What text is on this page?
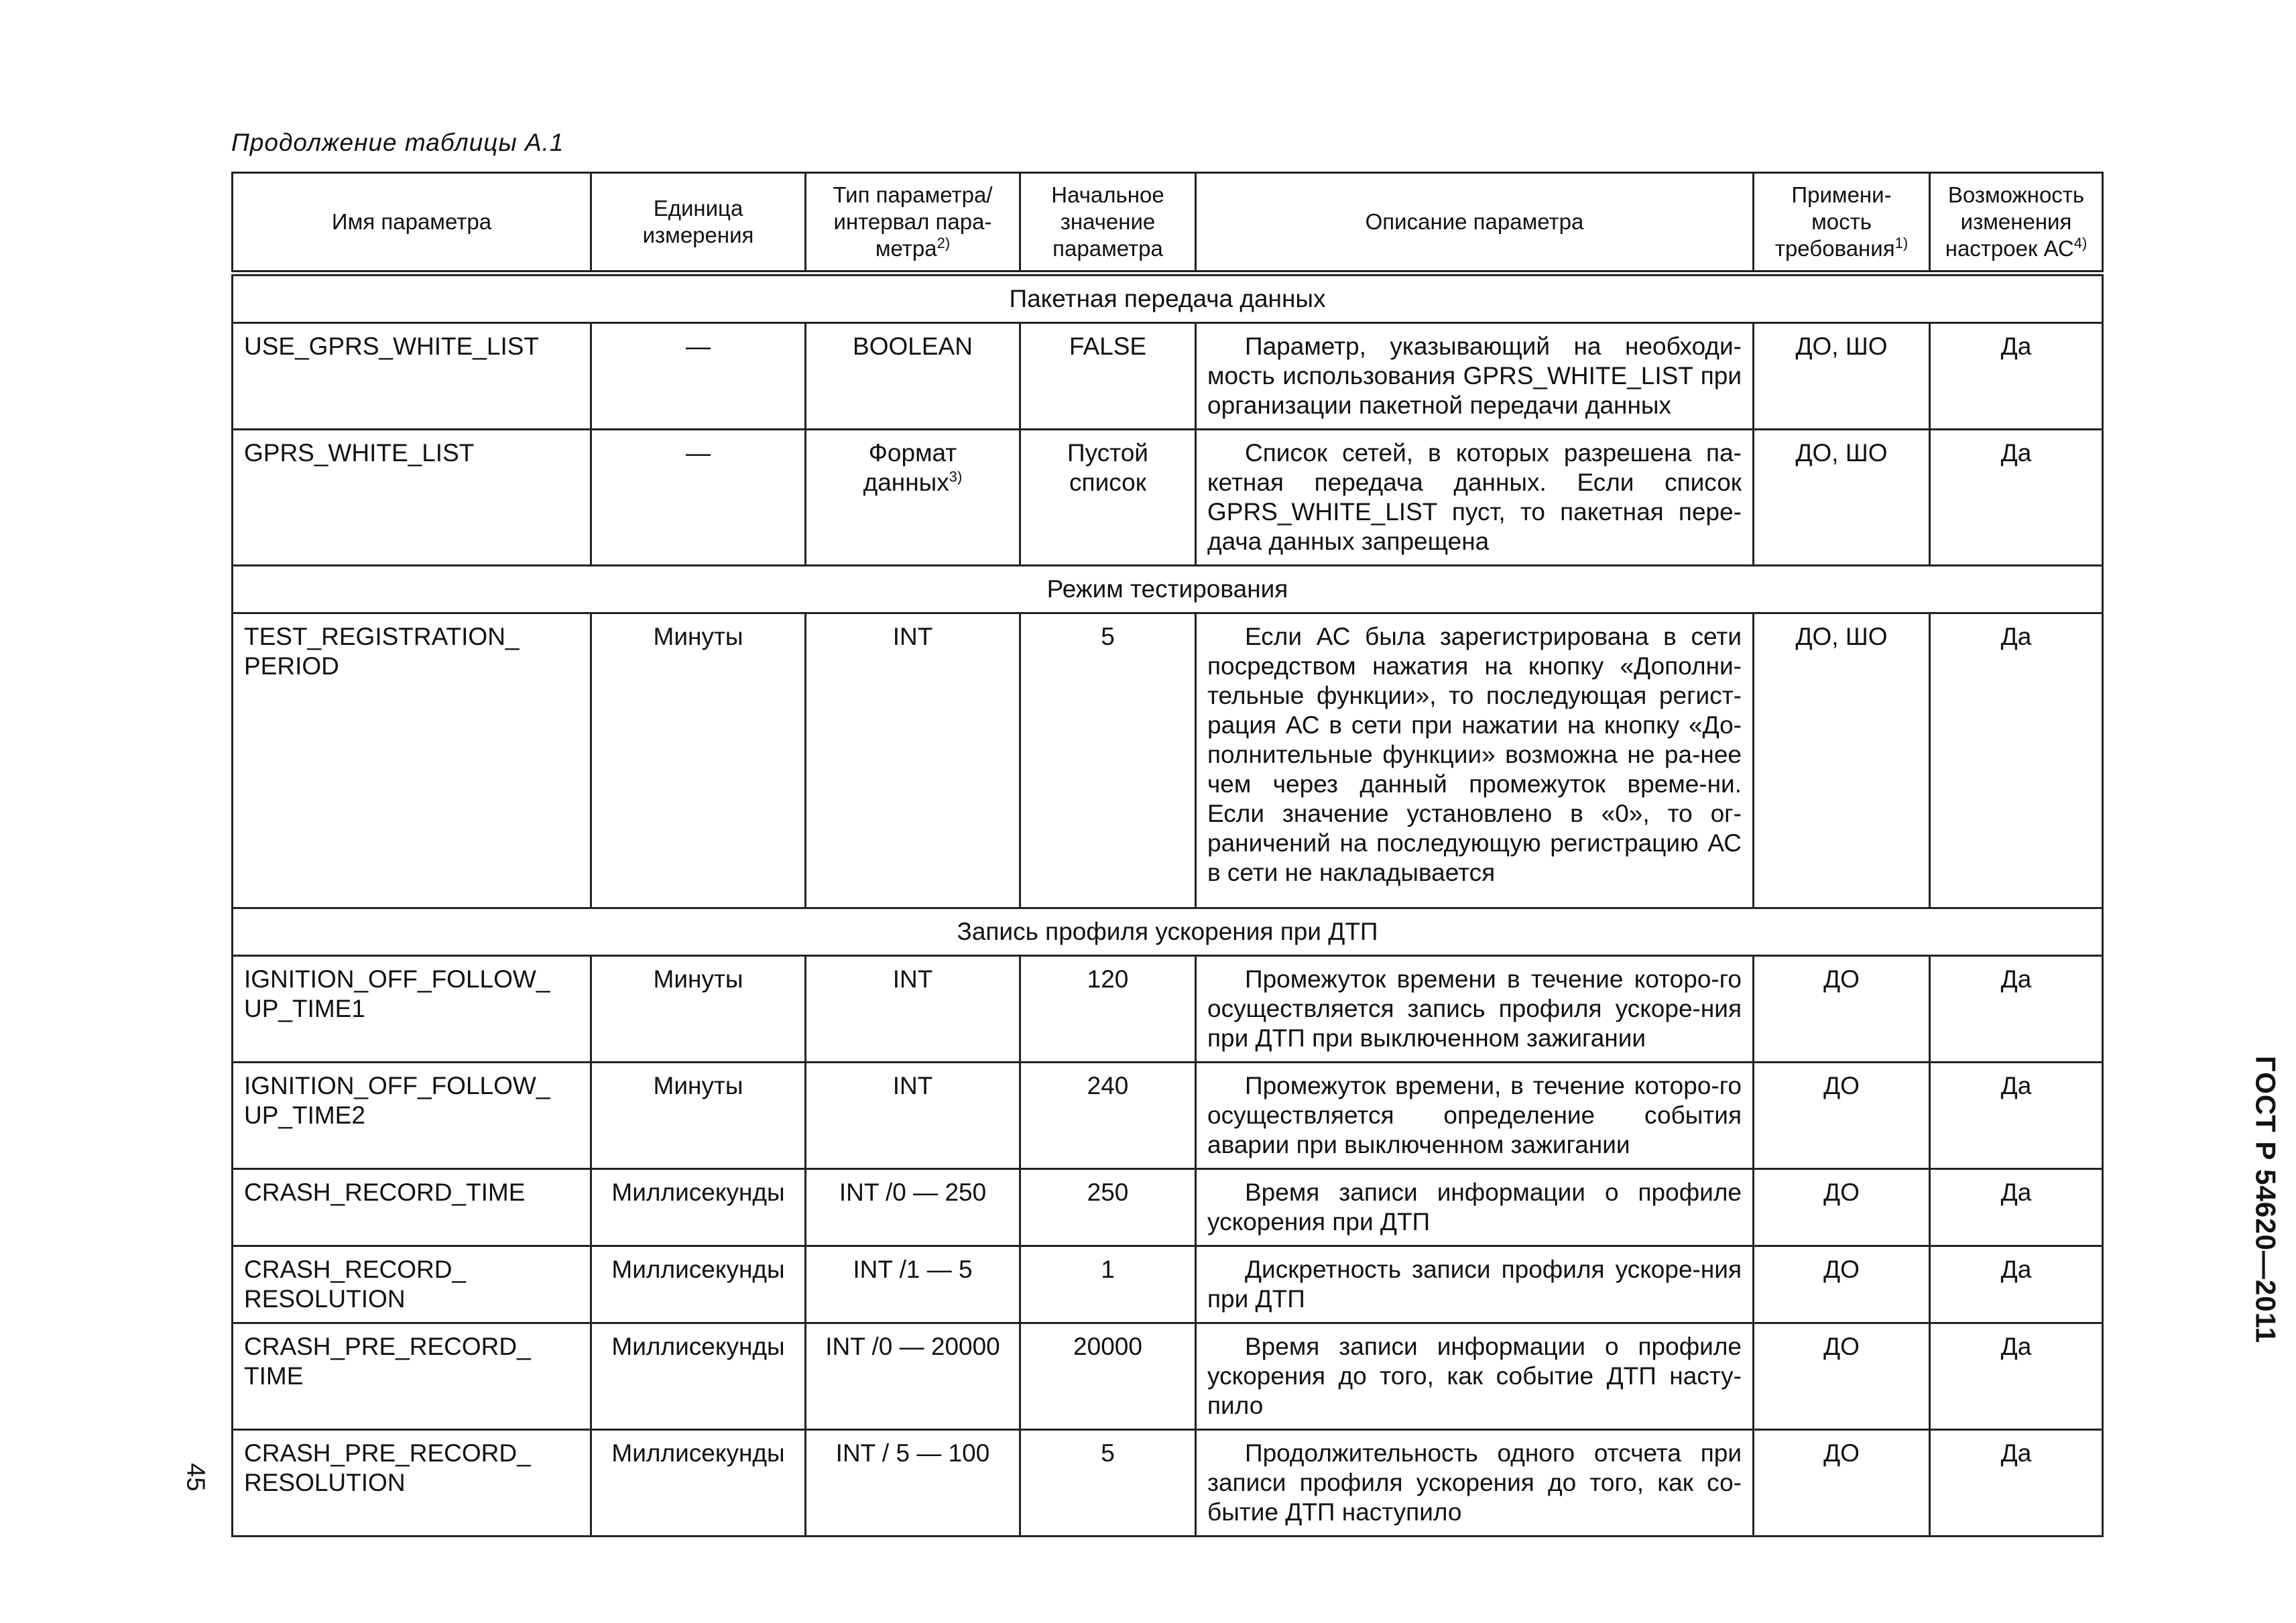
Продолжение таблицы А.1
Имя параметра	Единица измерения	Тип параметра/ интервал пара-метра$^{2)}$	Начальное значение параметра	Описание параметра	Примени-мость требования$^{1)}$	Возможность изменения настроек АС$^{4)}$
Пакетная передача данных						
USE_GPRS_WHITE_LIST	—	BOOLEAN	FALSE	Параметр, указывающий на необходи-мость использования GPRS_WHITE_LIST при организации пакетной передачи данных	ДО, ШО	Да
GPRS_WHITE_LIST	—	Формат данных$^{3)}$	Пустой список	Список сетей, в которых разрешена па-кетная передача данных. Если список GPRS_WHITE_LIST пуст, то пакетная пере-дача данных запрещена	ДО, ШО	Да
Режим тестирования						
TEST_REGISTRATION_ PERIOD	Минуты	INT	5	Если АС была зарегистрирована в сети посредством нажатия на кнопку «Дополни-тельные функции», то последующая регист-рация АС в сети при нажатии на кнопку «До-полнительные функции» возможна не ра-нее чем через данный промежуток време-ни. Если значение установлено в «0», то ог-раничений на последующую регистрацию АС в сети не накладывается	ДО, ШО	Да
Запись профиля ускорения при ДТП						
IGNITION_OFF_FOLLOW_ UP_TIME1	Минуты	INT	120	Промежуток времени в течение которо-го осуществляется запись профиля ускоре-ния при ДТП при выключенном зажигании	ДО	Да
IGNITION_OFF_FOLLOW_ UP_TIME2	Минуты	INT	240	Промежуток времени, в течение которо-го осуществляется определение события аварии при выключенном зажигании	ДО	Да
CRASH_RECORD_TIME	Миллисекунды	INT /0 — 250	250	Время записи информации о профиле ускорения при ДТП	ДО	Да
CRASH_RECORD_ RESOLUTION	Миллисекунды	INT /1 — 5	1	Дискретность записи профиля ускоре-ния при ДТП	ДО	Да
CRASH_PRE_RECORD_ TIME	Миллисекунды	INT /0 — 20000	20000	Время записи информации о профиле ускорения до того, как событие ДТП насту-пило	ДО	Да
CRASH_PRE_RECORD_ RESOLUTION	Миллисекунды	INT / 5 — 100	5	Продолжительность одного отсчета при записи профиля ускорения до того, как со-бытие ДТП наступило	ДО	Да
ГОСТ Р 54620—2011
45
